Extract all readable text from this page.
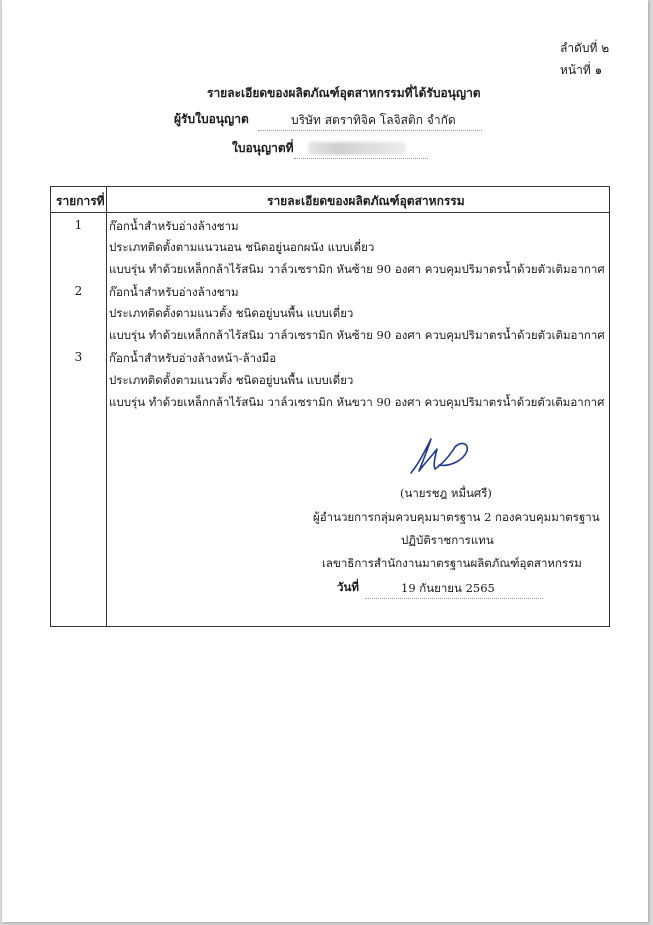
ลำดับที่ ๒
หน้าที่ ๑
รายละเอียดของผลิตภัณฑ์อุตสาหกรรมที่ได้รับอนุญาต
ผู้รับใบอนุญาต	บริษัท สตราทิจิค โลจิสติก จำกัด
ใบอนุญาตที่
รายการที่	รายละเอียดของผลิตภัณฑ์อุตสาหกรรม
1	ก๊อกน้ำสำหรับอ่างล้างชาม
ประเภทติดตั้งตามแนวนอน ชนิดอยู่นอกผนัง แบบเดี่ยว
แบบรุ่น ทำด้วยเหล็กกล้าไร้สนิม วาล์วเซรามิก หันซ้าย 90 องศา ควบคุมปริมาตรน้ำด้วยตัวเติมอากาศ
2	ก๊อกน้ำสำหรับอ่างล้างชาม
ประเภทติดตั้งตามแนวตั้ง ชนิดอยู่บนพื้น แบบเดี่ยว
แบบรุ่น ทำด้วยเหล็กกล้าไร้สนิม วาล์วเซรามิก หันซ้าย 90 องศา ควบคุมปริมาตรน้ำด้วยตัวเติมอากาศ
3	ก๊อกน้ำสำหรับอ่างล้างหน้า-ล้างมือ
ประเภทติดตั้งตามแนวตั้ง ชนิดอยู่บนพื้น แบบเดี่ยว
แบบรุ่น ทำด้วยเหล็กกล้าไร้สนิม วาล์วเซรามิก หันขวา 90 องศา ควบคุมปริมาตรน้ำด้วยตัวเติมอากาศ
(นายรชฎ หมื่นศรี)
ผู้อำนวยการกลุ่มควบคุมมาตรฐาน 2 กองควบคุมมาตรฐาน
ปฏิบัติราชการแทน
เลขาธิการสำนักงานมาตรฐานผลิตภัณฑ์อุตสาหกรรม
วันที่	19 กันยายน 2565
